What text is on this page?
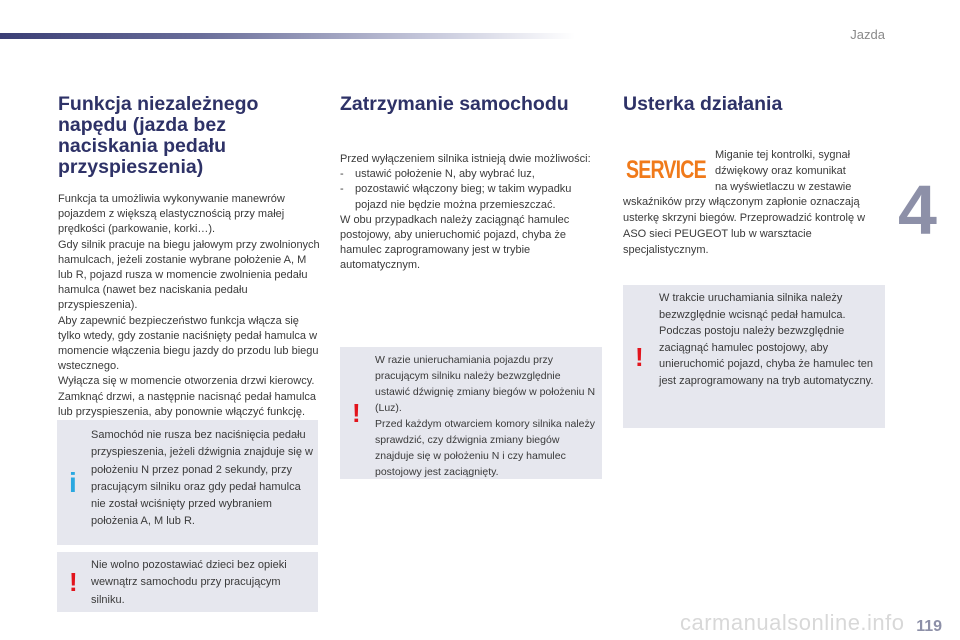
Jazda
4
Funkcja niezależnego
napędu (jazda bez
naciskania pedału
przyspieszenia)

Funkcja ta umożliwia wykonywanie manewrów pojazdem z większą elastycznością przy małej prędkości (parkowanie, korki…).

Gdy silnik pracuje na biegu jałowym przy zwolnionych hamulcach, jeżeli zostanie wybrane położenie A, M lub R, pojazd rusza w momencie zwolnienia pedału hamulca (nawet bez naciskania pedału przyspieszenia).

Aby zapewnić bezpieczeństwo funkcja włącza się tylko wtedy, gdy zostanie naciśnięty pedał hamulca w momencie włączenia biegu jazdy do przodu lub biegu wstecznego.

Wyłącza się w momencie otworzenia drzwi kierowcy. Zamknąć drzwi, a następnie nacisnąć pedał hamulca lub przyspieszenia, aby ponownie włączyć funkcję.

i

Samochód nie rusza bez naciśnięcia pedału przyspieszenia, jeżeli dźwignia znajduje się w położeniu N przez ponad 2 sekundy, przy pracującym silniku oraz gdy pedał hamulca nie został wciśnięty przed wybraniem położenia A, M lub R.

!

Nie wolno pozostawiać dzieci bez opieki wewnątrz samochodu przy pracującym silniku.

Zatrzymanie samochodu

Przed wyłączeniem silnika istnieją dwie możliwości:

-	ustawić położenie N, aby wybrać luz,
-	pozostawić włączony bieg; w takim wypadku pojazd nie będzie można przemieszczać.

W obu przypadkach należy zaciągnąć hamulec postojowy, aby unieruchomić pojazd, chyba że hamulec zaprogramowany jest w trybie automatycznym.

!

W razie unieruchamiania pojazdu przy pracującym silniku należy bezwzględnie ustawić dźwignię zmiany biegów w położeniu N (Luz).

Przed każdym otwarciem komory silnika należy sprawdzić, czy dźwignia zmiany biegów znajduje się w położeniu N i czy hamulec postojowy jest zaciągnięty.

Usterka działania
SERVICE
Miganie tej kontrolki, sygnał
dźwiękowy oraz komunikat
na wyświetlaczu w zestawie
wskaźników przy włączonym zapłonie oznaczają usterkę skrzyni biegów. Przeprowadzić kontrolę w ASO sieci PEUGEOT lub w warsztacie specjalistycznym.
!

W trakcie uruchamiania silnika należy bezwzględnie wcisnąć pedał hamulca. Podczas postoju należy bezwzględnie zaciągnąć hamulec postojowy, aby unieruchomić pojazd, chyba że hamulec ten jest zaprogramowany na tryb automatyczny.

carmanualsonline.info 119
